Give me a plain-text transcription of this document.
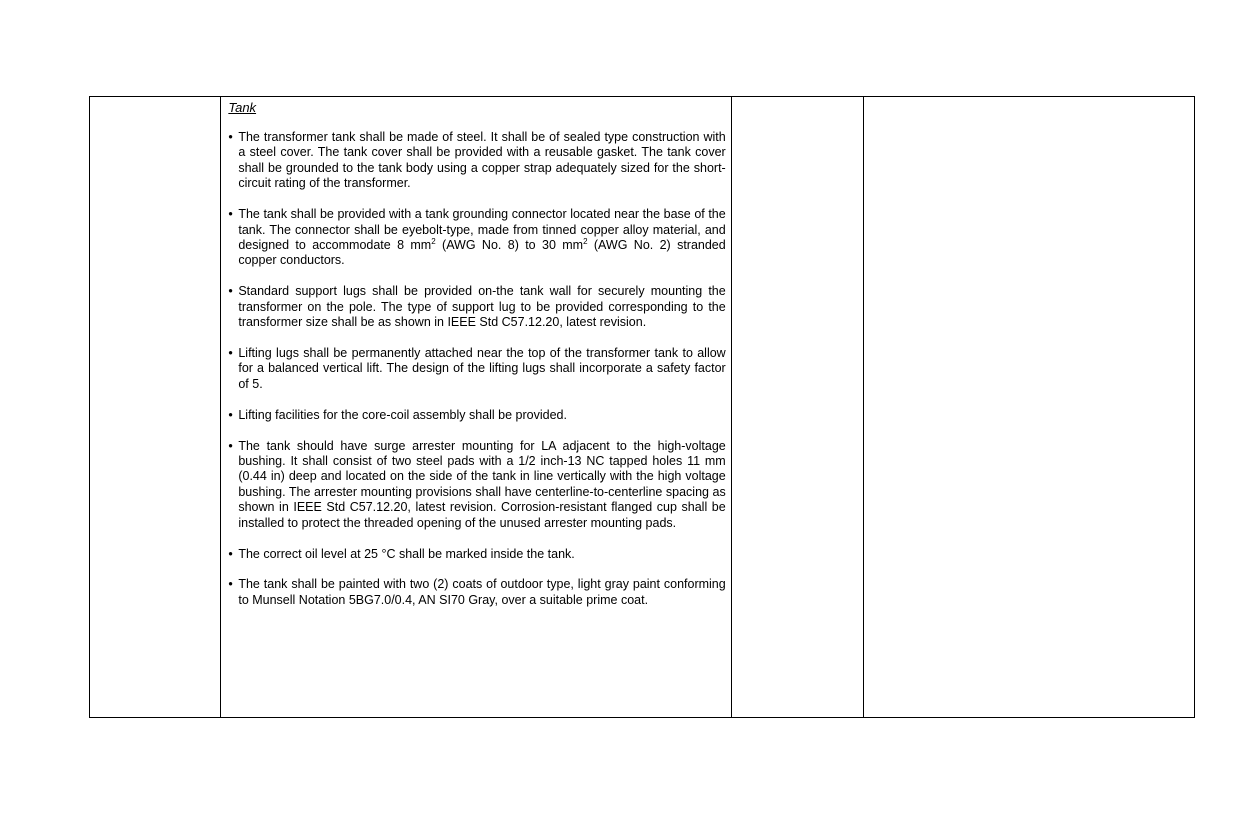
Tank
• The transformer tank shall be made of steel. It shall be of sealed type construction with a steel cover. The tank cover shall be provided with a reusable gasket. The tank cover shall be grounded to the tank body using a copper strap adequately sized for the short-circuit rating of the transformer.
• The tank shall be provided with a tank grounding connector located near the base of the tank. The connector shall be eyebolt-type, made from tinned copper alloy material, and designed to accommodate 8 $mm^2$ (AWG No. 8) to 30 $mm^2$ (AWG No. 2) stranded copper conductors.
• Standard support lugs shall be provided on-the tank wall for securely mounting the transformer on the pole. The type of support lug to be provided corresponding to the transformer size shall be as shown in IEEE Std C57.12.20, latest revision.
• Lifting lugs shall be permanently attached near the top of the transformer tank to allow for a balanced vertical lift. The design of the lifting lugs shall incorporate a safety factor of 5.
• Lifting facilities for the core-coil assembly shall be provided.
• The tank should have surge arrester mounting for LA adjacent to the high-voltage bushing. It shall consist of two steel pads with a 1/2 inch-13 NC tapped holes 11 mm (0.44 in) deep and located on the side of the tank in line vertically with the high voltage bushing. The arrester mounting provisions shall have centerline-to-centerline spacing as shown in IEEE Std C57.12.20, latest revision. Corrosion-resistant flanged cup shall be installed to protect the threaded opening of the unused arrester mounting pads.
• The correct oil level at 25 °C shall be marked inside the tank.
• The tank shall be painted with two (2) coats of outdoor type, light gray paint conforming to Munsell Notation 5BG7.0/0.4, AN SI70 Gray, over a suitable prime coat.
